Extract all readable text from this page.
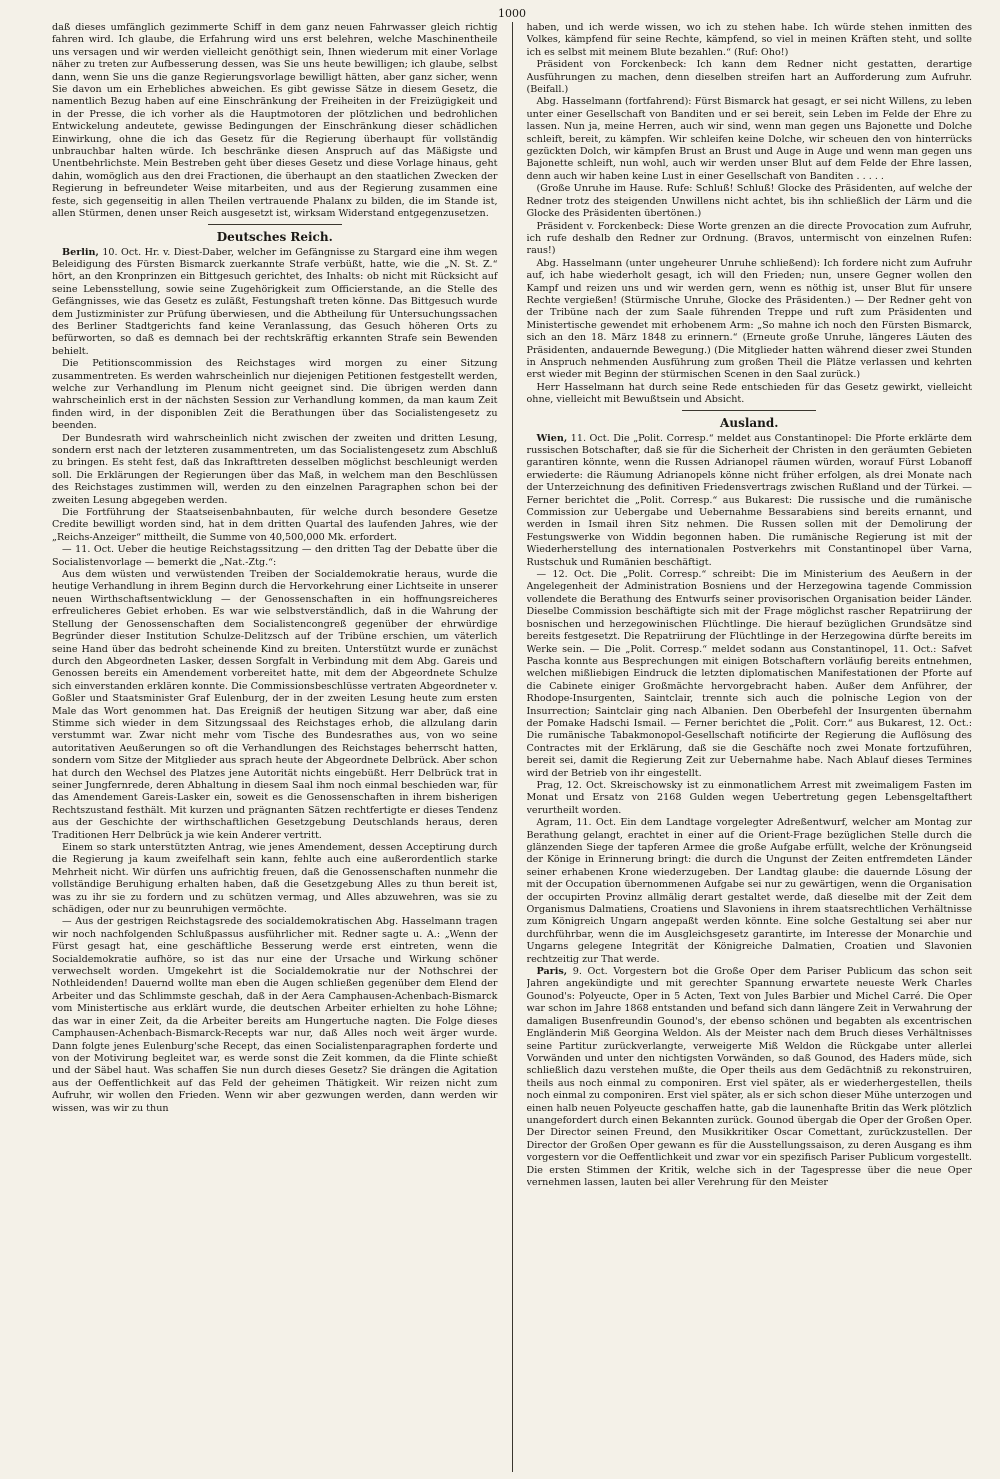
1000

daß dieses umfänglich gezimmerte Schiff in dem ganz neuen Fahrwasser gleich richtig fahren wird. Ich glaube, die Erfahrung wird uns erst belehren, welche Maschinentheile uns versagen und wir werden vielleicht genöthigt sein, Ihnen wiederum mit einer Vorlage näher zu treten zur Aufbesserung dessen, was Sie uns heute bewilligen; ich glaube, selbst dann, wenn Sie uns die ganze Regierungsvorlage bewilligt hätten, aber ganz sicher, wenn Sie davon um ein Erhebliches abweichen. Es gibt gewisse Sätze in diesem Gesetz, die namentlich Bezug haben auf eine Einschränkung der Freiheiten in der Freizügigkeit und in der Presse, die ich vorher als die Hauptmotoren der plötzlichen und bedrohlichen Entwickelung andeutete, gewisse Bedingungen der Einschränkung dieser schädlichen Einwirkung, ohne die ich das Gesetz für die Regierung überhaupt für vollständig unbrauchbar halten würde. Ich beschränke diesen Anspruch auf das Mäßigste und Unentbehrlichste. Mein Bestreben geht über dieses Gesetz und diese Vorlage hinaus, geht dahin, womöglich aus den drei Fractionen, die überhaupt an den staatlichen Zwecken der Regierung in befreundeter Weise mitarbeiten, und aus der Regierung zusammen eine feste, sich gegenseitig in allen Theilen vertrauende Phalanx zu bilden, die im Stande ist, allen Stürmen, denen unser Reich ausgesetzt ist, wirksam Widerstand entgegenzusetzen.

Deutsches Reich.

Berlin, 10. Oct. Hr. v. Diest-Daber, welcher im Gefängnisse zu Stargard eine ihm wegen Beleidigung des Fürsten Bismarck zuerkannte Strafe verbüßt, hatte, wie die „N. St. Z.“ hört, an den Kronprinzen ein Bittgesuch gerichtet, des Inhalts: ob nicht mit Rücksicht auf seine Lebensstellung, sowie seine Zugehörigkeit zum Officierstande, an die Stelle des Gefängnisses, wie das Gesetz es zuläßt, Festungshaft treten könne. Das Bittgesuch wurde dem Justizminister zur Prüfung überwiesen, und die Abtheilung für Untersuchungssachen des Berliner Stadtgerichts fand keine Veranlassung, das Gesuch höheren Orts zu befürworten, so daß es demnach bei der rechtskräftig erkannten Strafe sein Bewenden behielt.

Die Petitionscommission des Reichstages wird morgen zu einer Sitzung zusammentreten. Es werden wahrscheinlich nur diejenigen Petitionen festgestellt werden, welche zur Verhandlung im Plenum nicht geeignet sind. Die übrigen werden dann wahrscheinlich erst in der nächsten Session zur Verhandlung kommen, da man kaum Zeit finden wird, in der disponiblen Zeit die Berathungen über das Socialistengesetz zu beenden.

Der Bundesrath wird wahrscheinlich nicht zwischen der zweiten und dritten Lesung, sondern erst nach der letzteren zusammentreten, um das Socialistengesetz zum Abschluß zu bringen. Es steht fest, daß das Inkrafttreten desselben möglichst beschleunigt werden soll. Die Erklärungen der Regierungen über das Maß, in welchem man den Beschlüssen des Reichstages zustimmen will, werden zu den einzelnen Paragraphen schon bei der zweiten Lesung abgegeben werden.

Die Fortführung der Staatseisenbahnbauten, für welche durch besondere Gesetze Credite bewilligt worden sind, hat in dem dritten Quartal des laufenden Jahres, wie der „Reichs-Anzeiger“ mittheilt, die Summe von 40,500,000 Mk. erfordert.

— 11. Oct. Ueber die heutige Reichstagssitzung — den dritten Tag der Debatte über die Socialistenvorlage — bemerkt die „Nat.-Ztg.“:

Aus dem wüsten und verwüstenden Treiben der Socialdemokratie heraus, wurde die heutige Verhandlung in ihrem Beginn durch die Hervorkehrung einer Lichtseite in unserer neuen Wirthschaftsentwicklung — der Genossenschaften in ein hoffnungsreicheres erfreulicheres Gebiet erhoben. Es war wie selbstverständlich, daß in die Wahrung der Stellung der Genossenschaften dem Socialistencongreß gegenüber der ehrwürdige Begründer dieser Institution Schulze-Delitzsch auf der Tribüne erschien, um väterlich seine Hand über das bedroht scheinende Kind zu breiten. Unterstützt wurde er zunächst durch den Abgeordneten Lasker, dessen Sorgfalt in Verbindung mit dem Abg. Gareis und Genossen bereits ein Amendement vorbereitet hatte, mit dem der Abgeordnete Schulze sich einverstanden erklären konnte. Die Commissionsbeschlüsse vertraten Abgeordneter v. Goßler und Staatsminister Graf Eulenburg, der in der zweiten Lesung heute zum ersten Male das Wort genommen hat. Das Ereigniß der heutigen Sitzung war aber, daß eine Stimme sich wieder in dem Sitzungssaal des Reichstages erhob, die allzulang darin verstummt war. Zwar nicht mehr vom Tische des Bundesrathes aus, von wo seine autoritativen Aeußerungen so oft die Verhandlungen des Reichstages beherrscht hatten, sondern vom Sitze der Mitglieder aus sprach heute der Abgeordnete Delbrück. Aber schon hat durch den Wechsel des Platzes jene Autorität nichts eingebüßt. Herr Delbrück trat in seiner Jungfernrede, deren Abhaltung in diesem Saal ihm noch einmal beschieden war, für das Amendement Gareis-Lasker ein, soweit es die Genossenschaften in ihrem bisherigen Rechtszustand festhält. Mit kurzen und prägnanten Sätzen rechtfertigte er dieses Tendenz aus der Geschichte der wirthschaftlichen Gesetzgebung Deutschlands heraus, deren Traditionen Herr Delbrück ja wie kein Anderer vertritt.

Einem so stark unterstützten Antrag, wie jenes Amendement, dessen Acceptirung durch die Regierung ja kaum zweifelhaft sein kann, fehlte auch eine außerordentlich starke Mehrheit nicht. Wir dürfen uns aufrichtig freuen, daß die Genossenschaften nunmehr die vollständige Beruhigung erhalten haben, daß die Gesetzgebung Alles zu thun bereit ist, was zu ihr sie zu fordern und zu schützen vermag, und Alles abzuwehren, was sie zu schädigen, oder nur zu beunruhigen vermöchte.

— Aus der gestrigen Reichstagsrede des socialdemokratischen Abg. Hasselmann tragen wir noch nachfolgenden Schlußpassus ausführlicher mit. Redner sagte u. A.: „Wenn der Fürst gesagt hat, eine geschäftliche Besserung werde erst eintreten, wenn die Socialdemokratie aufhöre, so ist das nur eine der Ursache und Wirkung schöner verwechselt worden. Umgekehrt ist die Socialdemokratie nur der Nothschrei der Nothleidenden! Dauernd wollte man eben die Augen schließen gegenüber dem Elend der Arbeiter und das Schlimmste geschah, daß in der Aera Camphausen-Achenbach-Bismarck vom Ministertische aus erklärt wurde, die deutschen Arbeiter erhielten zu hohe Löhne; das war in einer Zeit, da die Arbeiter bereits am Hungertuche nagten. Die Folge dieses Camphausen-Achenbach-Bismarck-Recepts war nur, daß Alles noch weit ärger wurde. Dann folgte jenes Eulenburg'sche Recept, das einen Socialistenparagraphen forderte und von der Motivirung begleitet war, es werde sonst die Zeit kommen, da die Flinte schießt und der Säbel haut. Was schaffen Sie nun durch dieses Gesetz? Sie drängen die Agitation aus der Oeffentlichkeit auf das Feld der geheimen Thätigkeit. Wir reizen nicht zum Aufruhr, wir wollen den Frieden. Wenn wir aber gezwungen werden, dann werden wir wissen, was wir zu thun

haben, und ich werde wissen, wo ich zu stehen habe. Ich würde stehen inmitten des Volkes, kämpfend für seine Rechte, kämpfend, so viel in meinen Kräften steht, und sollte ich es selbst mit meinem Blute bezahlen.“ (Ruf: Oho!)

Präsident von Forckenbeck: Ich kann dem Redner nicht gestatten, derartige Ausführungen zu machen, denn dieselben streifen hart an Aufforderung zum Aufruhr. (Beifall.)

Abg. Hasselmann (fortfahrend): Fürst Bismarck hat gesagt, er sei nicht Willens, zu leben unter einer Gesellschaft von Banditen und er sei bereit, sein Leben im Felde der Ehre zu lassen. Nun ja, meine Herren, auch wir sind, wenn man gegen uns Bajonette und Dolche schleift, bereit, zu kämpfen. Wir schleifen keine Dolche, wir scheuen den von hinterrücks gezückten Dolch, wir kämpfen Brust an Brust und Auge in Auge und wenn man gegen uns Bajonette schleift, nun wohl, auch wir werden unser Blut auf dem Felde der Ehre lassen, denn auch wir haben keine Lust in einer Gesellschaft von Banditen . . . . .

(Große Unruhe im Hause. Rufe: Schluß! Schluß! Glocke des Präsidenten, auf welche der Redner trotz des steigenden Unwillens nicht achtet, bis ihn schließlich der Lärm und die Glocke des Präsidenten übertönen.)

Präsident v. Forckenbeck: Diese Worte grenzen an die directe Provocation zum Aufruhr, ich rufe deshalb den Redner zur Ordnung. (Bravos, untermischt von einzelnen Rufen: raus!)

Abg. Hasselmann (unter ungeheurer Unruhe schließend): Ich fordere nicht zum Aufruhr auf, ich habe wiederholt gesagt, ich will den Frieden; nun, unsere Gegner wollen den Kampf und reizen uns und wir werden gern, wenn es nöthig ist, unser Blut für unsere Rechte vergießen! (Stürmische Unruhe, Glocke des Präsidenten.) — Der Redner geht von der Tribüne nach der zum Saale führenden Treppe und ruft zum Präsidenten und Ministertische gewendet mit erhobenem Arm: „So mahne ich noch den Fürsten Bismarck, sich an den 18. März 1848 zu erinnern.“ (Erneute große Unruhe, längeres Läuten des Präsidenten, andauernde Bewegung.) (Die Mitglieder hatten während dieser zwei Stunden in Anspruch nehmenden Ausführung zum großen Theil die Plätze verlassen und kehrten erst wieder mit Beginn der stürmischen Scenen in den Saal zurück.)

Herr Hasselmann hat durch seine Rede entschieden für das Gesetz gewirkt, vielleicht ohne, vielleicht mit Bewußtsein und Absicht.

Ausland.

Wien, 11. Oct. Die „Polit. Corresp.“ meldet aus Constantinopel: Die Pforte erklärte dem russischen Botschafter, daß sie für die Sicherheit der Christen in den geräumten Gebieten garantiren könnte, wenn die Russen Adrianopel räumen würden, worauf Fürst Lobanoff erwiederte: die Räumung Adrianopels könne nicht früher erfolgen, als drei Monate nach der Unterzeichnung des definitiven Friedensvertrags zwischen Rußland und der Türkei. — Ferner berichtet die „Polit. Corresp.“ aus Bukarest: Die russische und die rumänische Commission zur Uebergabe und Uebernahme Bessarabiens sind bereits ernannt, und werden in Ismail ihren Sitz nehmen. Die Russen sollen mit der Demolirung der Festungswerke von Widdin begonnen haben. Die rumänische Regierung ist mit der Wiederherstellung des internationalen Postverkehrs mit Constantinopel über Varna, Rustschuk und Rumänien beschäftigt.

— 12. Oct. Die „Polit. Corresp.“ schreibt: Die im Ministerium des Aeußern in der Angelegenheit der Administration Bosniens und der Herzegowina tagende Commission vollendete die Berathung des Entwurfs seiner provisorischen Organisation beider Länder. Dieselbe Commission beschäftigte sich mit der Frage möglichst rascher Repatriirung der bosnischen und herzegowinischen Flüchtlinge. Die hierauf bezüglichen Grundsätze sind bereits festgesetzt. Die Repatriirung der Flüchtlinge in der Herzegowina dürfte bereits im Werke sein. — Die „Polit. Corresp.“ meldet sodann aus Constantinopel, 11. Oct.: Safvet Pascha konnte aus Besprechungen mit einigen Botschaftern vorläufig bereits entnehmen, welchen mißliebigen Eindruck die letzten diplomatischen Manifestationen der Pforte auf die Cabinete einiger Großmächte hervorgebracht haben. Außer dem Anführer, der Rhodope-Insurgenten, Saintclair, trennte sich auch die polnische Legion von der Insurrection; Saintclair ging nach Albanien. Den Oberbefehl der Insurgenten übernahm der Pomake Hadschi Ismail. — Ferner berichtet die „Polit. Corr.“ aus Bukarest, 12. Oct.: Die rumänische Tabakmonopol-Gesellschaft notificirte der Regierung die Auflösung des Contractes mit der Erklärung, daß sie die Geschäfte noch zwei Monate fortzuführen, bereit sei, damit die Regierung Zeit zur Uebernahme habe. Nach Ablauf dieses Termines wird der Betrieb von ihr eingestellt.

Prag, 12. Oct. Skreischowsky ist zu einmonatlichem Arrest mit zweimaligem Fasten im Monat und Ersatz von 2168 Gulden wegen Uebertretung gegen Lebensgeltafthert verurtheilt worden.

Agram, 11. Oct. Ein dem Landtage vorgelegter Adreßentwurf, welcher am Montag zur Berathung gelangt, erachtet in einer auf die Orient-Frage bezüglichen Stelle durch die glänzenden Siege der tapferen Armee die große Aufgabe erfüllt, welche der Krönungseid der Könige in Erinnerung bringt: die durch die Ungunst der Zeiten entfremdeten Länder seiner erhabenen Krone wiederzugeben. Der Landtag glaube: die dauernde Lösung der mit der Occupation übernommenen Aufgabe sei nur zu gewärtigen, wenn die Organisation der occupirten Provinz allmälig derart gestaltet werde, daß dieselbe mit der Zeit dem Organismus Dalmatiens, Croatiens und Slavoniens in ihrem staatsrechtlichen Verhältnisse zum Königreich Ungarn angepaßt werden könnte. Eine solche Gestaltung sei aber nur durchführbar, wenn die im Ausgleichsgesetz garantirte, im Interesse der Monarchie und Ungarns gelegene Integrität der Königreiche Dalmatien, Croatien und Slavonien rechtzeitig zur That werde.

Paris, 9. Oct. Vorgestern bot die Große Oper dem Pariser Publicum das schon seit Jahren angekündigte und mit gerechter Spannung erwartete neueste Werk Charles Gounod's: Polyeucte, Oper in 5 Acten, Text von Jules Barbier und Michel Carré. Die Oper war schon im Jahre 1868 entstanden und befand sich dann längere Zeit in Verwahrung der damaligen Busenfreundin Gounod's, der ebenso schönen und begabten als excentrischen Engländerin Miß Georgina Weldon. Als der Meister nach dem Bruch dieses Verhältnisses seine Partitur zurückverlangte, verweigerte Miß Weldon die Rückgabe unter allerlei Vorwänden und unter den nichtigsten Vorwänden, so daß Gounod, des Haders müde, sich schließlich dazu verstehen mußte, die Oper theils aus dem Gedächtniß zu rekonstruiren, theils aus noch einmal zu componiren. Erst viel später, als er wiederhergestellen, theils noch einmal zu componiren. Erst viel später, als er sich schon dieser Mühe unterzogen und einen halb neuen Polyeucte geschaffen hatte, gab die launenhafte Britin das Werk plötzlich unangefordert durch einen Bekannten zurück. Gounod übergab die Oper der Großen Oper. Der Director seinen Freund, den Musikkritiker Oscar Comettant, zurückzustellen. Der Director der Großen Oper gewann es für die Ausstellungssaison, zu deren Ausgang es ihm vorgestern vor die Oeffentlichkeit und zwar vor ein spezifisch Pariser Publicum vorgestellt. Die ersten Stimmen der Kritik, welche sich in der Tagespresse über die neue Oper vernehmen lassen, lauten bei aller Verehrung für den Meister
